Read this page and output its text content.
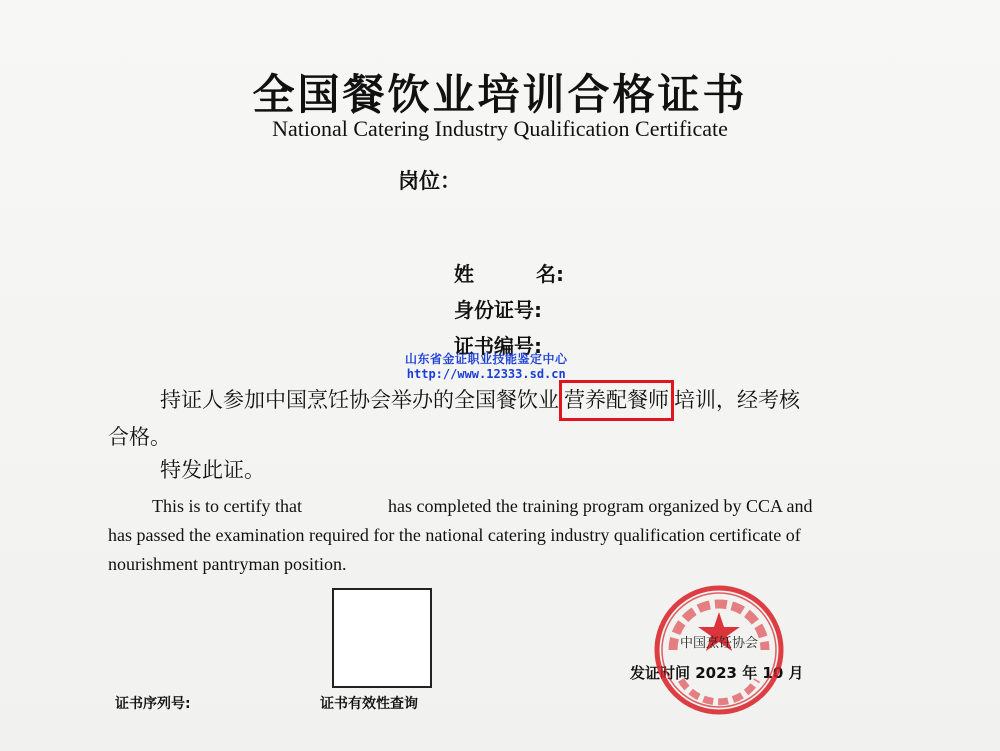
全国餐饮业培训合格证书
National Catering Industry Qualification Certificate
岗位：
姓	名:
身份证号:
证书编号:
山东省金证职业技能鉴定中心
http://www.12333.sd.cn
持证人参加中国烹饪协会举办的全国餐饮业 营养配餐师 培训，经考核
合格。
特发此证。
This is to certify that	has completed the training program organized by CCA and
has passed the examination required for the national catering industry qualification certificate of
nourishment pantryman position.
证书序列号:	证书有效性查询
发证时间 2023 年 10 月
中国烹饪协会
